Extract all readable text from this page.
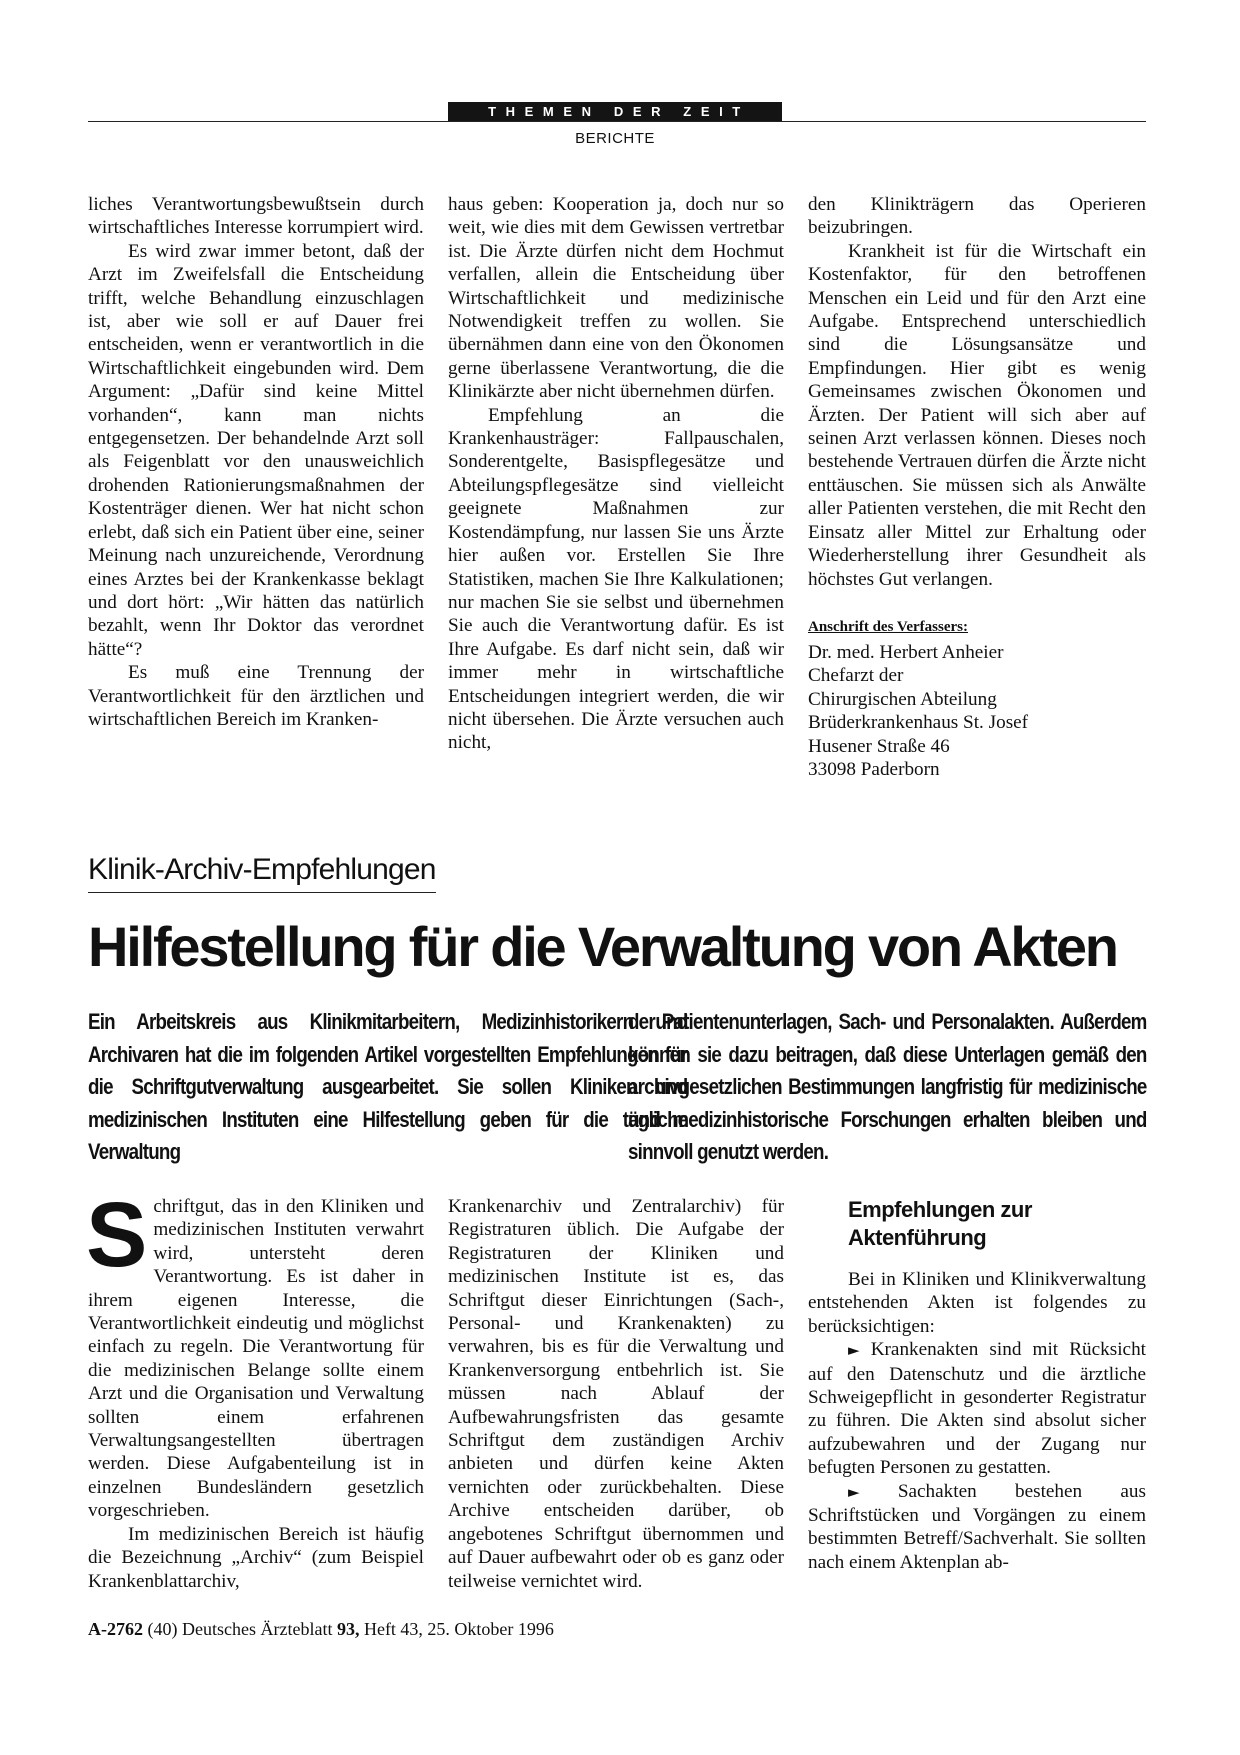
THEMEN DER ZEIT
BERICHTE

liches Verantwortungsbewußtsein durch wirtschaftliches Interesse korrumpiert wird.

Es wird zwar immer betont, daß der Arzt im Zweifelsfall die Entscheidung trifft, welche Behandlung einzuschlagen ist, aber wie soll er auf Dauer frei entscheiden, wenn er verantwortlich in die Wirtschaftlichkeit eingebunden wird. Dem Argument: „Dafür sind keine Mittel vorhanden“, kann man nichts entgegensetzen. Der behandelnde Arzt soll als Feigenblatt vor den unausweichlich drohenden Rationierungsmaßnahmen der Kostenträger dienen. Wer hat nicht schon erlebt, daß sich ein Patient über eine, seiner Meinung nach unzureichende, Verordnung eines Arztes bei der Krankenkasse beklagt und dort hört: „Wir hätten das natürlich bezahlt, wenn Ihr Doktor das verordnet hätte“?

Es muß eine Trennung der Verantwortlichkeit für den ärztlichen und wirtschaftlichen Bereich im Kranken-

haus geben: Kooperation ja, doch nur so weit, wie dies mit dem Gewissen vertretbar ist. Die Ärzte dürfen nicht dem Hochmut verfallen, allein die Entscheidung über Wirtschaftlichkeit und medizinische Notwendigkeit treffen zu wollen. Sie übernähmen dann eine von den Ökonomen gerne überlassene Verantwortung, die die Klinikärzte aber nicht übernehmen dürfen.

Empfehlung an die Krankenhausträger: Fallpauschalen, Sonderentgelte, Basispflegesätze und Abteilungspflegesätze sind vielleicht geeignete Maßnahmen zur Kostendämpfung, nur lassen Sie uns Ärzte hier außen vor. Erstellen Sie Ihre Statistiken, machen Sie Ihre Kalkulationen; nur machen Sie sie selbst und übernehmen Sie auch die Verantwortung dafür. Es ist Ihre Aufgabe. Es darf nicht sein, daß wir immer mehr in wirtschaftliche Entscheidungen integriert werden, die wir nicht übersehen. Die Ärzte versuchen auch nicht,

den Klinikträgern das Operieren beizubringen.

Krankheit ist für die Wirtschaft ein Kostenfaktor, für den betroffenen Menschen ein Leid und für den Arzt eine Aufgabe. Entsprechend unterschiedlich sind die Lösungsansätze und Empfindungen. Hier gibt es wenig Gemeinsames zwischen Ökonomen und Ärzten. Der Patient will sich aber auf seinen Arzt verlassen können. Dieses noch bestehende Vertrauen dürfen die Ärzte nicht enttäuschen. Sie müssen sich als Anwälte aller Patienten verstehen, die mit Recht den Einsatz aller Mittel zur Erhaltung oder Wiederherstellung ihrer Gesundheit als höchstes Gut verlangen.

Anschrift des Verfassers:

Dr. med. Herbert Anheier

Chefarzt der

Chirurgischen Abteilung

Brüderkrankenhaus St. Josef

Husener Straße 46

33098 Paderborn

Klinik-Archiv-Empfehlungen
Hilfestellung für die Verwaltung von Akten
Ein Arbeitskreis aus Klinikmitarbeitern, Medizinhistorikern und Archivaren hat die im folgenden Artikel vorgestellten Empfehlungen für die Schriftgutverwaltung ausgearbeitet. Sie sollen Kliniken und medizinischen Instituten eine Hilfestellung geben für die tägliche Verwaltung
der Patientenunterlagen, Sach- und Personalakten. Außerdem können sie dazu beitragen, daß diese Unterlagen gemäß den archivgesetzlichen Bestimmungen langfristig für medizinische und medizinhistorische Forschungen erhalten bleiben und sinnvoll genutzt werden.

Schriftgut, das in den Kliniken und medizinischen Instituten verwahrt wird, untersteht deren Verantwortung. Es ist daher in ihrem eigenen Interesse, die Verantwortlichkeit eindeutig und möglichst einfach zu regeln. Die Verantwortung für die medizinischen Belange sollte einem Arzt und die Organisation und Verwaltung sollten einem erfahrenen Verwaltungsangestellten übertragen werden. Diese Aufgabenteilung ist in einzelnen Bundesländern gesetzlich vorgeschrieben.

Im medizinischen Bereich ist häufig die Bezeichnung „Archiv“ (zum Beispiel Krankenblattarchiv,

Krankenarchiv und Zentralarchiv) für Registraturen üblich. Die Aufgabe der Registraturen der Kliniken und medizinischen Institute ist es, das Schriftgut dieser Einrichtungen (Sach-, Personal- und Krankenakten) zu verwahren, bis es für die Verwaltung und Krankenversorgung entbehrlich ist. Sie müssen nach Ablauf der Aufbewahrungsfristen das gesamte Schriftgut dem zuständigen Archiv anbieten und dürfen keine Akten vernichten oder zurückbehalten. Diese Archive entscheiden darüber, ob angebotenes Schriftgut übernommen und auf Dauer aufbewahrt oder ob es ganz oder teilweise vernichtet wird.

Empfehlungen zur
Aktenführung

Bei in Kliniken und Klinikverwaltung entstehenden Akten ist folgendes zu berücksichtigen:

► Krankenakten sind mit Rücksicht auf den Datenschutz und die ärztliche Schweigepflicht in gesonderter Registratur zu führen. Die Akten sind absolut sicher aufzubewahren und der Zugang nur befugten Personen zu gestatten.

► Sachakten bestehen aus Schriftstücken und Vorgängen zu einem bestimmten Betreff/Sachverhalt. Sie sollten nach einem Aktenplan ab-

A-2762 (40) Deutsches Ärzteblatt 93, Heft 43, 25. Oktober 1996
